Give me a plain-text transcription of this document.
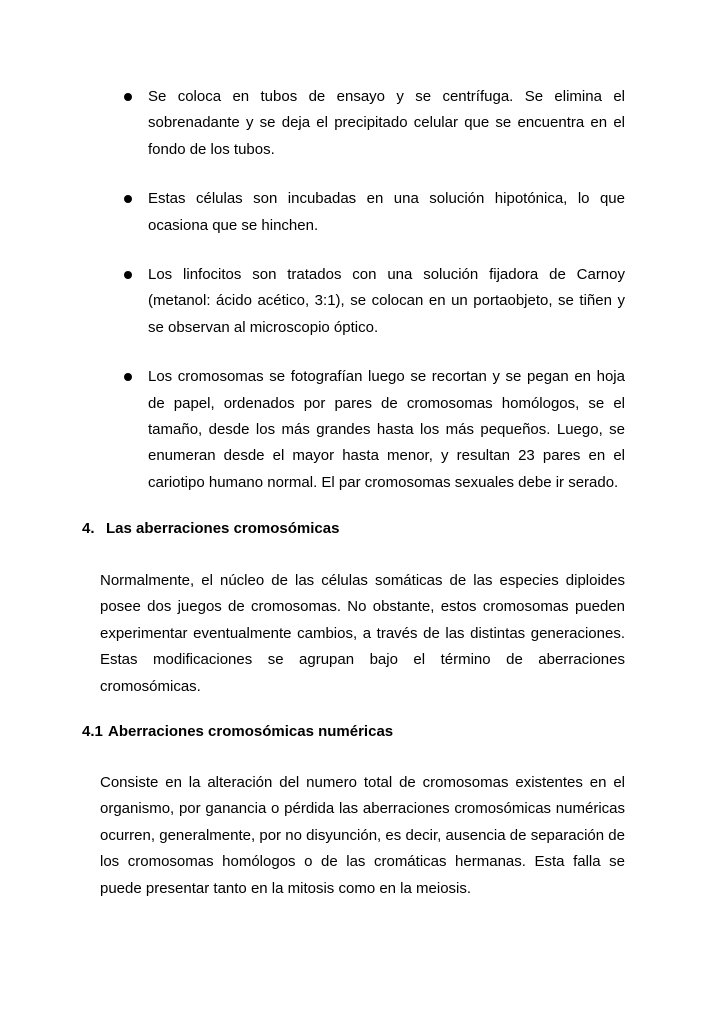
Se coloca en tubos de ensayo y se centrífuga. Se elimina el sobrenadante y se deja el precipitado celular que se encuentra en el fondo de los tubos.
Estas células son incubadas en una solución hipotónica, lo que ocasiona que se hinchen.
Los linfocitos son tratados con una solución fijadora de Carnoy (metanol: ácido acético, 3:1), se colocan en un portaobjeto, se tiñen y se observan al microscopio óptico.
Los cromosomas se fotografían luego se recortan y se pegan en hoja de papel, ordenados por pares de cromosomas homólogos, se el tamaño, desde los más grandes hasta los más pequeños. Luego, se enumeran desde el mayor hasta menor, y resultan 23 pares en el cariotipo humano normal. El par cromosomas sexuales debe ir serado.
4. Las aberraciones cromosómicas

Normalmente, el núcleo de las células somáticas de las especies diploides posee dos juegos de cromosomas. No obstante, estos cromosomas pueden experimentar eventualmente cambios, a través de las distintas generaciones. Estas modificaciones se agrupan bajo el término de aberraciones cromosómicas.

4.1 Aberraciones cromosómicas numéricas

Consiste en la alteración del numero total de cromosomas existentes en el organismo, por ganancia o pérdida las aberraciones cromosómicas numéricas ocurren, generalmente, por no disyunción, es decir, ausencia de separación de los cromosomas homólogos o de las cromáticas hermanas. Esta falla se puede presentar tanto en la mitosis como en la meiosis.
